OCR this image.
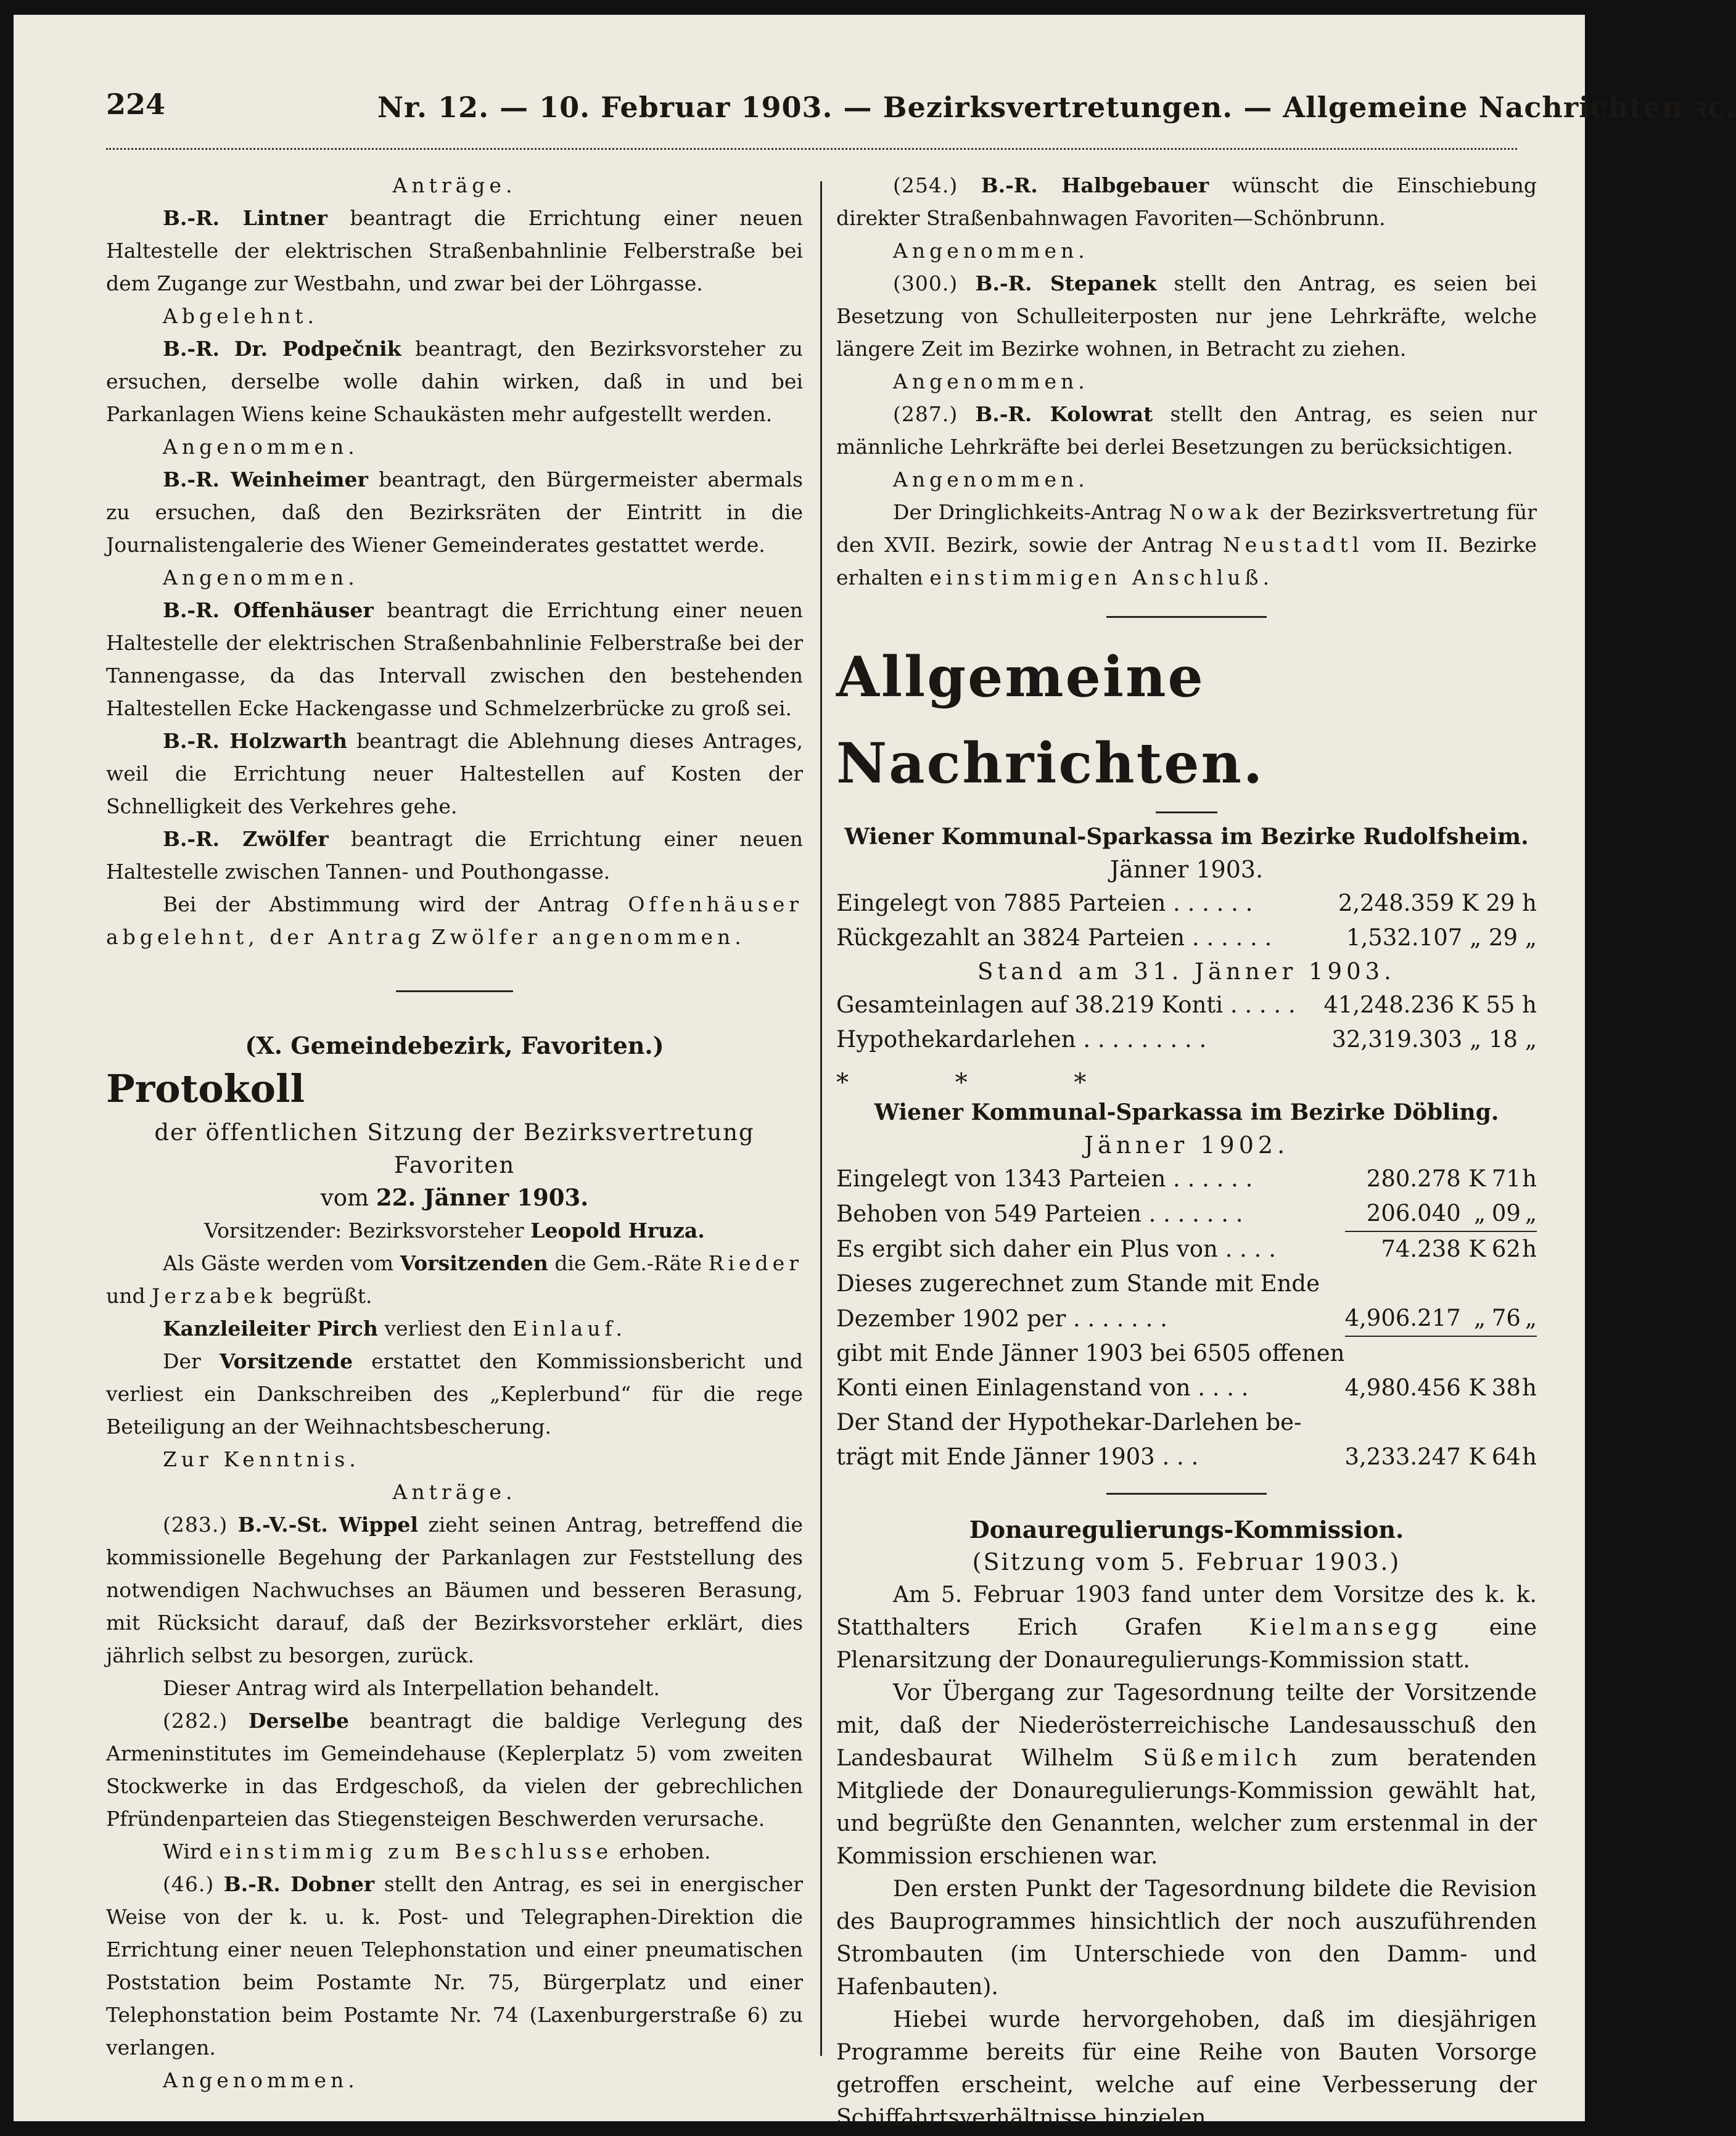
224	Nr. 12. — 10. Februar 1903. — Bezirksvertretungen. — Allgemeine Nachrichten ꝛc.

Anträge.

B.-R. Lintner beantragt die Errichtung einer neuen Haltestelle der elektrischen Straßenbahnlinie Felberstraße bei dem Zugange zur Westbahn, und zwar bei der Löhrgasse.

Abgelehnt.

B.-R. Dr. Podpečnik beantragt, den Bezirksvorsteher zu ersuchen, derselbe wolle dahin wirken, daß in und bei Parkanlagen Wiens keine Schaukästen mehr aufgestellt werden.

Angenommen.

B.-R. Weinheimer beantragt, den Bürgermeister abermals zu ersuchen, daß den Bezirksräten der Eintritt in die Journalistengalerie des Wiener Gemeinderates gestattet werde.

Angenommen.

B.-R. Offenhäuser beantragt die Errichtung einer neuen Haltestelle der elektrischen Straßenbahnlinie Felberstraße bei der Tannengasse, da das Intervall zwischen den bestehenden Haltestellen Ecke Hackengasse und Schmelzerbrücke zu groß sei.

B.-R. Holzwarth beantragt die Ablehnung dieses Antrages, weil die Errichtung neuer Haltestellen auf Kosten der Schnelligkeit des Verkehres gehe.

B.-R. Zwölfer beantragt die Errichtung einer neuen Haltestelle zwischen Tannen- und Pouthongasse.

Bei der Abstimmung wird der Antrag Offenhäuser abgelehnt, der Antrag Zwölfer angenommen.

(X. Gemeindebezirk, Favoriten.)

Protokoll

der öffentlichen Sitzung der Bezirksvertretung Favoriten

vom 22. Jänner 1903.

Vorsitzender: Bezirksvorsteher Leopold Hruza.

Als Gäste werden vom Vorsitzenden die Gem.-Räte Rieder und Jerzabek begrüßt.

Kanzleileiter Pirch verliest den Einlauf.

Der Vorsitzende erstattet den Kommissionsbericht und verliest ein Dankschreiben des „Keplerbund“ für die rege Beteiligung an der Weihnachtsbescherung.

Zur Kenntnis.

Anträge.

(283.) B.-V.-St. Wippel zieht seinen Antrag, betreffend die kommissionelle Begehung der Parkanlagen zur Feststellung des notwendigen Nachwuchses an Bäumen und besseren Berasung, mit Rücksicht darauf, daß der Bezirksvorsteher erklärt, dies jährlich selbst zu besorgen, zurück.

Dieser Antrag wird als Interpellation behandelt.

(282.) Derselbe beantragt die baldige Verlegung des Armeninstitutes im Gemeindehause (Keplerplatz 5) vom zweiten Stockwerke in das Erdgeschoß, da vielen der gebrechlichen Pfründenparteien das Stiegensteigen Beschwerden verursache.

Wird einstimmig zum Beschlusse erhoben.

(46.) B.-R. Dobner stellt den Antrag, es sei in energischer Weise von der k. u. k. Post- und Telegraphen-Direktion die Errichtung einer neuen Telephonstation und einer pneumatischen Poststation beim Postamte Nr. 75, Bürgerplatz und einer Telephonstation beim Postamte Nr. 74 (Laxenburgerstraße 6) zu verlangen.

Angenommen.

(254.) B.-R. Halbgebauer wünscht die Einschiebung direkter Straßenbahnwagen Favoriten—Schönbrunn.

Angenommen.

(300.) B.-R. Stepanek stellt den Antrag, es seien bei Besetzung von Schulleiterposten nur jene Lehrkräfte, welche längere Zeit im Bezirke wohnen, in Betracht zu ziehen.

Angenommen.

(287.) B.-R. Kolowrat stellt den Antrag, es seien nur männliche Lehrkräfte bei derlei Besetzungen zu berücksichtigen.

Angenommen.

Der Dringlichkeits-Antrag Nowak der Bezirksvertretung für den XVII. Bezirk, sowie der Antrag Neustadtl vom II. Bezirke erhalten einstimmigen Anschluß.

Allgemeine Nachrichten.

Wiener Kommunal-Sparkassa im Bezirke Rudolfsheim.

Jänner 1903.

Eingelegt von 7885 Parteien . . . . . .	2,248.359 K 29 h
Rückgezahlt an 3824 Parteien . . . . . .	1,532.107 „ 29 „

Stand am 31. Jänner 1903.

Gesamteinlagen auf 38.219 Konti . . . . .	41,248.236 K 55 h
Hypothekardarlehen . . . . . . . . .	32,319.303 „ 18 „

* * *

Wiener Kommunal-Sparkassa im Bezirke Döbling.

Jänner 1902.

Eingelegt von 1343 Parteien . . . . . .	280.278	K	71	h
Behoben von 549 Parteien . . . . . . .	206.040	„	09	„
Es ergibt sich daher ein Plus von . . . .	74.238	K	62	h
Dieses zugerechnet zum Stande mit Ende				
Dezember 1902 per . . . . . . .	4,906.217	„	76	„
gibt mit Ende Jänner 1903 bei 6505 offenen				
Konti einen Einlagenstand von . . . .	4,980.456	K	38	h
Der Stand der Hypothekar-Darlehen be-				
trägt mit Ende Jänner 1903 . . .	3,233.247	K	64	h

Donauregulierungs-Kommission.

(Sitzung vom 5. Februar 1903.)

Am 5. Februar 1903 fand unter dem Vorsitze des k. k. Statthalters Erich Grafen Kielmansegg eine Plenarsitzung der Donauregulierungs-Kommission statt.

Vor Übergang zur Tagesordnung teilte der Vorsitzende mit, daß der Niederösterreichische Landesausschuß den Landesbaurat Wilhelm Süßemilch zum beratenden Mitgliede der Donauregulierungs-Kommission gewählt hat, und begrüßte den Genannten, welcher zum erstenmal in der Kommission erschienen war.

Den ersten Punkt der Tagesordnung bildete die Revision des Bauprogrammes hinsichtlich der noch auszuführenden Strombauten (im Unterschiede von den Damm- und Hafenbauten).

Hiebei wurde hervorgehoben, daß im diesjährigen Programme bereits für eine Reihe von Bauten Vorsorge getroffen erscheint, welche auf eine Verbesserung der Schiffahrtsverhältnisse hinzielen
